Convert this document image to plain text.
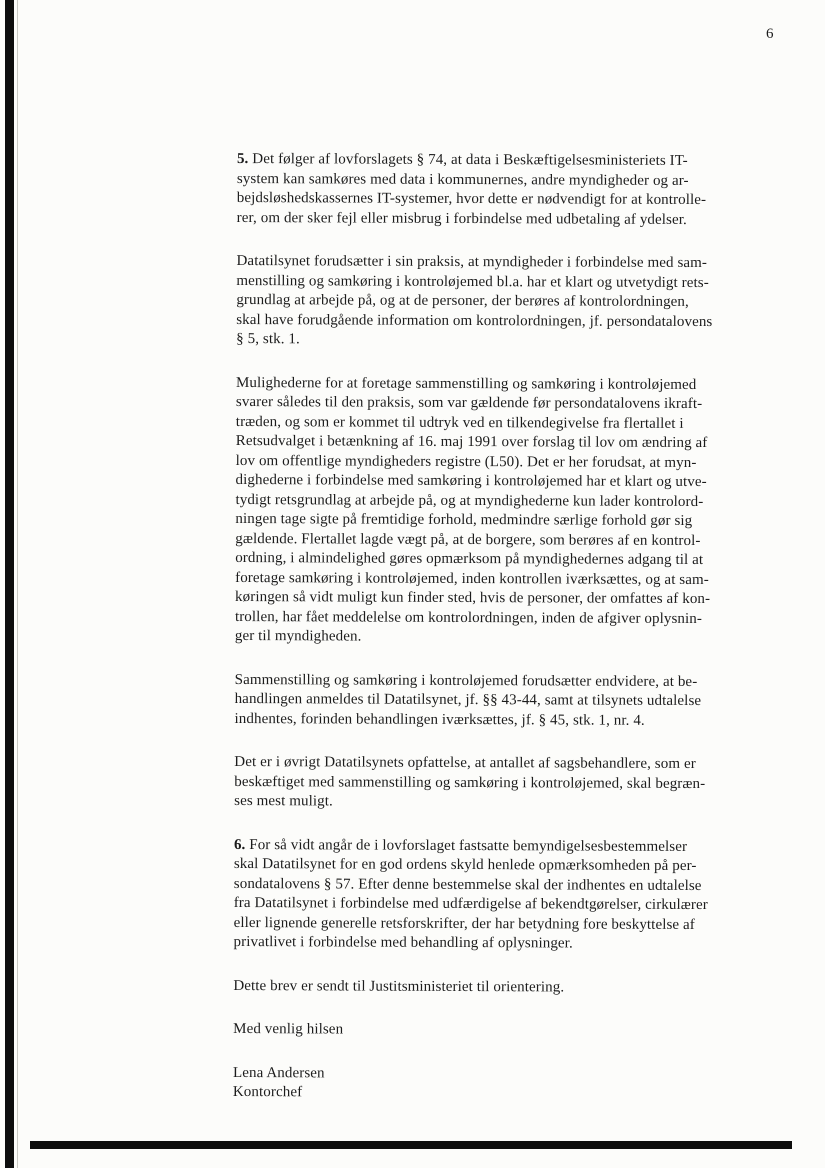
6

5. Det følger af lovforslagets § 74, at data i Beskæftigelsesministeriets IT-
system kan samkøres med data i kommunernes, andre myndigheder og ar-
bejdsløshedskassernes IT-systemer, hvor dette er nødvendigt for at kontrolle-
rer, om der sker fejl eller misbrug i forbindelse med udbetaling af ydelser.

Datatilsynet forudsætter i sin praksis, at myndigheder i forbindelse med sam-
menstilling og samkøring i kontroløjemed bl.a. har et klart og utvetydigt rets-
grundlag at arbejde på, og at de personer, der berøres af kontrolordningen,
skal have forudgående information om kontrolordningen, jf. persondatalovens
§ 5, stk. 1.

Mulighederne for at foretage sammenstilling og samkøring i kontroløjemed
svarer således til den praksis, som var gældende før persondatalovens ikraft-
træden, og som er kommet til udtryk ved en tilkendegivelse fra flertallet i
Retsudvalget i betænkning af 16. maj 1991 over forslag til lov om ændring af
lov om offentlige myndigheders registre (L50). Det er her forudsat, at myn-
dighederne i forbindelse med samkøring i kontroløjemed har et klart og utve-
tydigt retsgrundlag at arbejde på, og at myndighederne kun lader kontrolord-
ningen tage sigte på fremtidige forhold, medmindre særlige forhold gør sig
gældende. Flertallet lagde vægt på, at de borgere, som berøres af en kontrol-
ordning, i almindelighed gøres opmærksom på myndighedernes adgang til at
foretage samkøring i kontroløjemed, inden kontrollen iværksættes, og at sam-
køringen så vidt muligt kun finder sted, hvis de personer, der omfattes af kon-
trollen, har fået meddelelse om kontrolordningen, inden de afgiver oplysnin-
ger til myndigheden.

Sammenstilling og samkøring i kontroløjemed forudsætter endvidere, at be-
handlingen anmeldes til Datatilsynet, jf. §§ 43-44, samt at tilsynets udtalelse
indhentes, forinden behandlingen iværksættes, jf. § 45, stk. 1, nr. 4.

Det er i øvrigt Datatilsynets opfattelse, at antallet af sagsbehandlere, som er
beskæftiget med sammenstilling og samkøring i kontroløjemed, skal begræn-
ses mest muligt.

6. For så vidt angår de i lovforslaget fastsatte bemyndigelsesbestemmelser
skal Datatilsynet for en god ordens skyld henlede opmærksomheden på per-
sondatalovens § 57. Efter denne bestemmelse skal der indhentes en udtalelse
fra Datatilsynet i forbindelse med udfærdigelse af bekendtgørelser, cirkulærer
eller lignende generelle retsforskrifter, der har betydning fore beskyttelse af
privatlivet i forbindelse med behandling af oplysninger.

Dette brev er sendt til Justitsministeriet til orientering.

Med venlig hilsen

Lena Andersen
Kontorchef
